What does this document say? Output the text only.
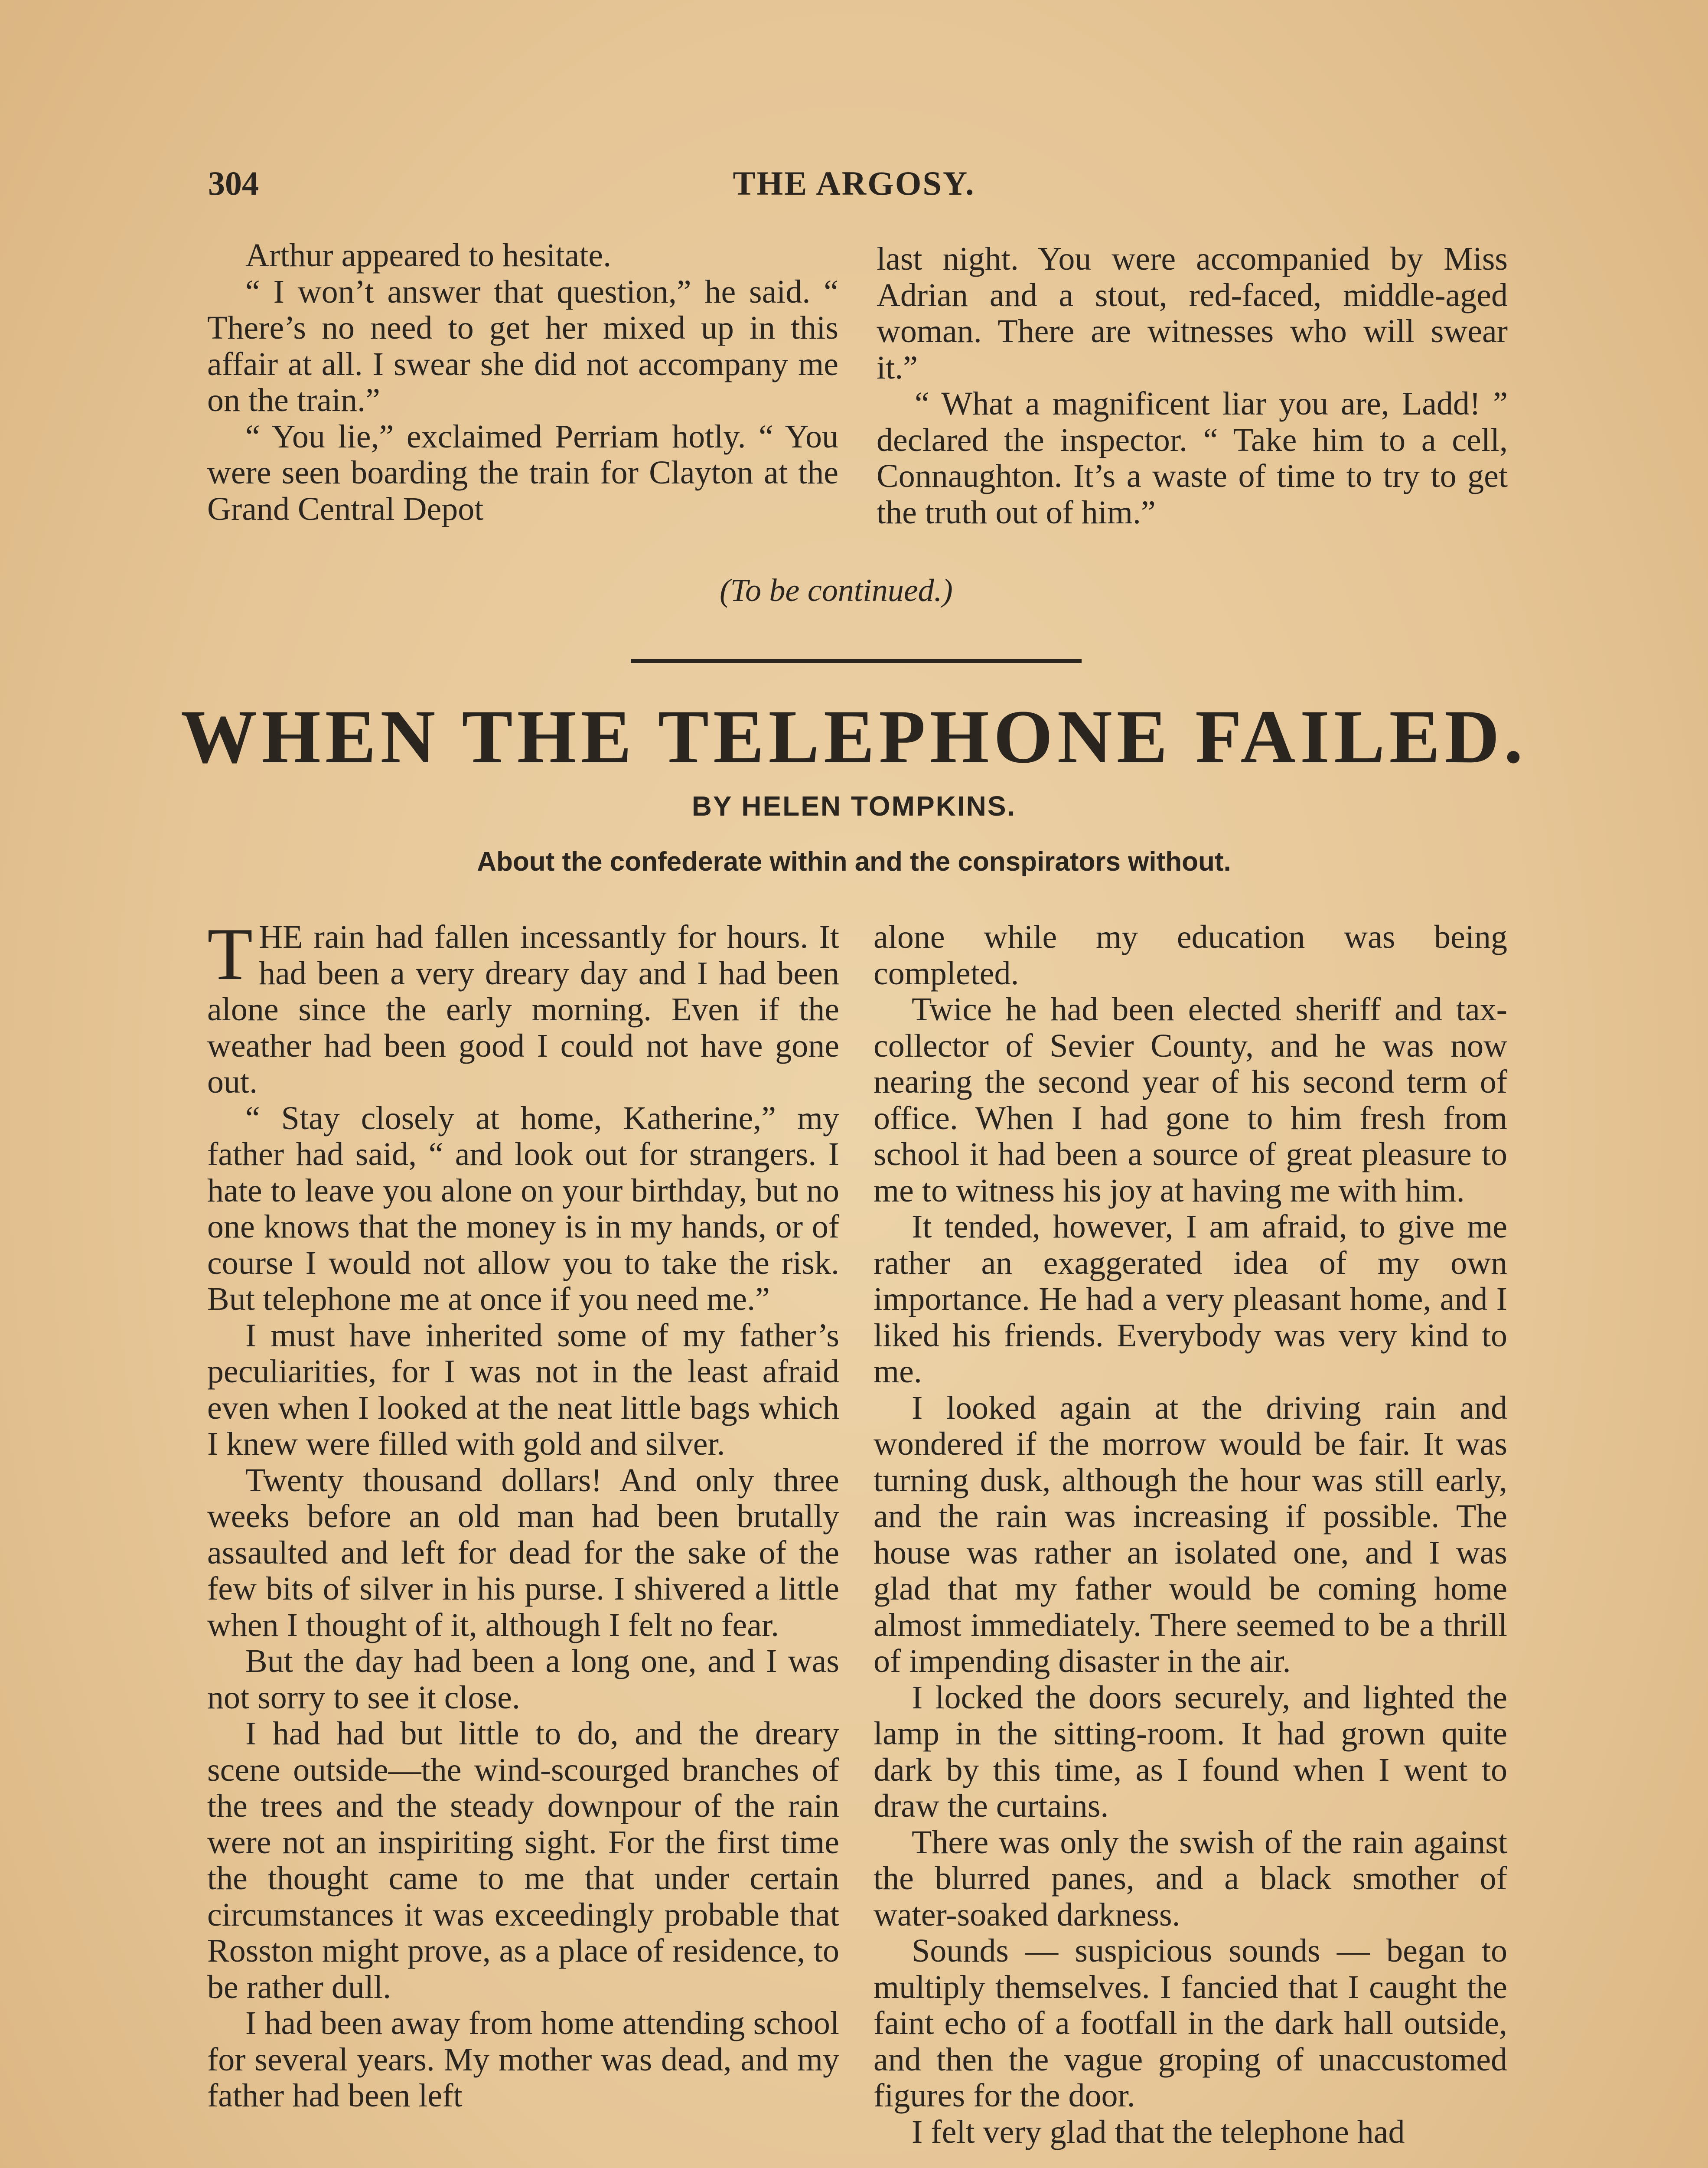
304	THE ARGOSY.

Arthur appeared to hesitate.

“ I won’t answer that question,” he said. “ There’s no need to get her mixed up in this affair at all. I swear she did not accompany me on the train.”

“ You lie,” exclaimed Perriam hotly. “ You were seen boarding the train for Clayton at the Grand Central Depot

last night. You were accompanied by Miss Adrian and a stout, red-faced, middle-aged woman. There are witnesses who will swear it.”

“ What a magnificent liar you are, Ladd! ” declared the inspector. “ Take him to a cell, Connaughton. It’s a waste of time to try to get the truth out of him.”

(To be continued.)
WHEN THE TELEPHONE FAILED.
BY HELEN TOMPKINS.
About the confederate within and the conspirators without.

THE rain had fallen incessantly for hours. It had been a very dreary day and I had been alone since the early morning. Even if the weather had been good I could not have gone out.

“ Stay closely at home, Katherine,” my father had said, “ and look out for strangers. I hate to leave you alone on your birthday, but no one knows that the money is in my hands, or of course I would not allow you to take the risk. But telephone me at once if you need me.”

I must have inherited some of my father’s peculiarities, for I was not in the least afraid even when I looked at the neat little bags which I knew were filled with gold and silver.

Twenty thousand dollars! And only three weeks before an old man had been brutally assaulted and left for dead for the sake of the few bits of silver in his purse. I shivered a little when I thought of it, although I felt no fear.

But the day had been a long one, and I was not sorry to see it close.

I had had but little to do, and the dreary scene outside—the wind-scourged branches of the trees and the steady downpour of the rain were not an inspiriting sight. For the first time the thought came to me that under certain circumstances it was exceedingly probable that Rosston might prove, as a place of residence, to be rather dull.

I had been away from home attending school for several years. My mother was dead, and my father had been left

alone while my education was being completed.

Twice he had been elected sheriff and tax-collector of Sevier County, and he was now nearing the second year of his second term of office. When I had gone to him fresh from school it had been a source of great pleasure to me to witness his joy at having me with him.

It tended, however, I am afraid, to give me rather an exaggerated idea of my own importance. He had a very pleasant home, and I liked his friends. Everybody was very kind to me.

I looked again at the driving rain and wondered if the morrow would be fair. It was turning dusk, although the hour was still early, and the rain was increasing if possible. The house was rather an isolated one, and I was glad that my father would be coming home almost immediately. There seemed to be a thrill of impending disaster in the air.

I locked the doors securely, and lighted the lamp in the sitting-room. It had grown quite dark by this time, as I found when I went to draw the curtains.

There was only the swish of the rain against the blurred panes, and a black smother of water-soaked darkness.

Sounds — suspicious sounds — began to multiply themselves. I fancied that I caught the faint echo of a footfall in the dark hall outside, and then the vague groping of unaccustomed figures for the door.

I felt very glad that the telephone had
